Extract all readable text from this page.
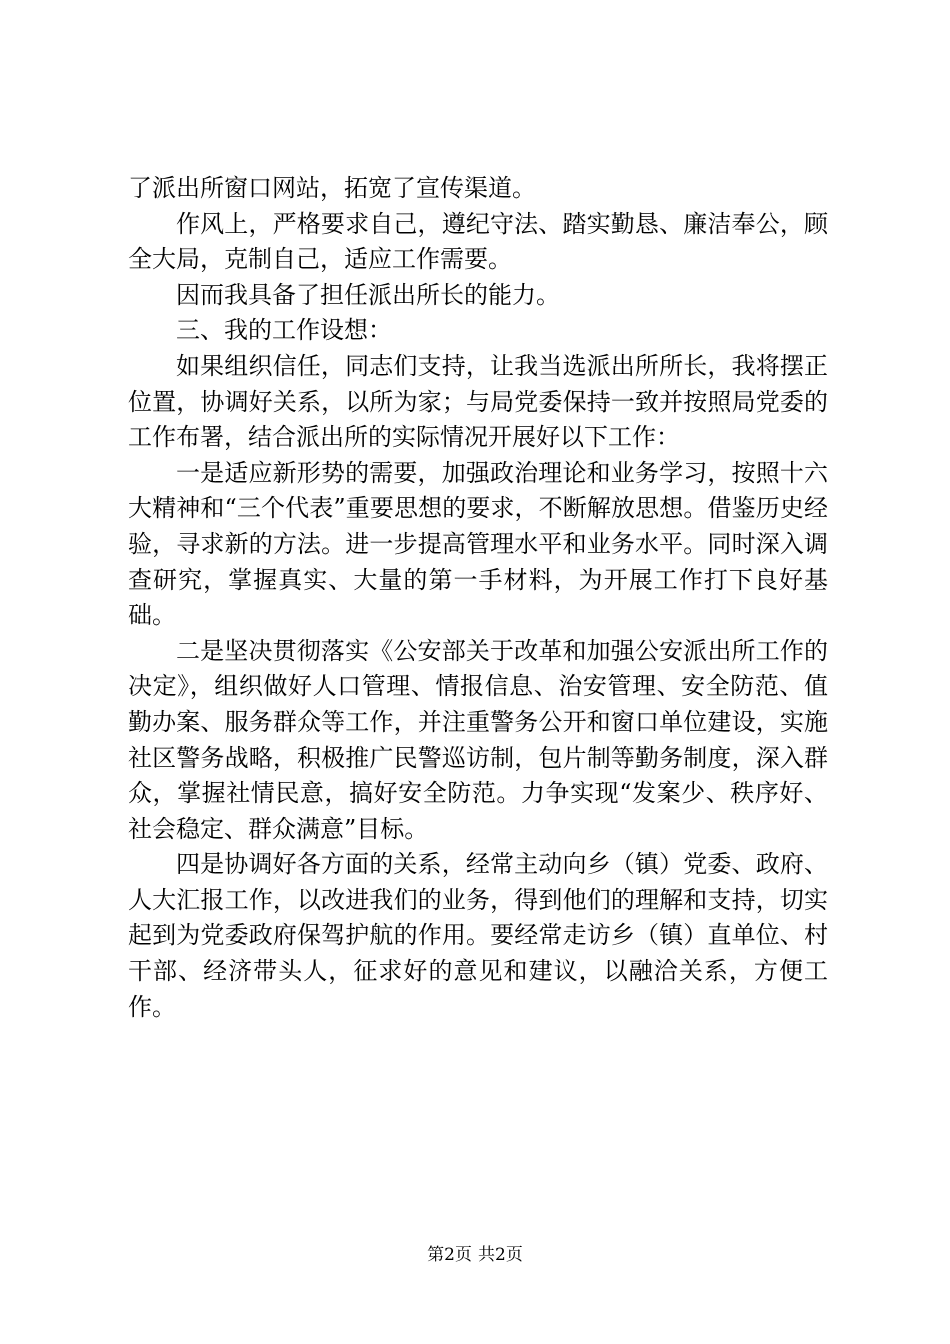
了派出所窗口网站，拓宽了宣传渠道。

作风上，严格要求自己，遵纪守法、踏实勤恳、廉洁奉公，顾全大局，克制自己，适应工作需要。

因而我具备了担任派出所长的能力。

三、我的工作设想：

如果组织信任，同志们支持，让我当选派出所所长，我将摆正位置，协调好关系，以所为家；与局党委保持一致并按照局党委的工作布署，结合派出所的实际情况开展好以下工作：

一是适应新形势的需要，加强政治理论和业务学习，按照十六大精神和“三个代表”重要思想的要求，不断解放思想。借鉴历史经验，寻求新的方法。进一步提高管理水平和业务水平。同时深入调查研究，掌握真实、大量的第一手材料，为开展工作打下良好基础。

二是坚决贯彻落实《公安部关于改革和加强公安派出所工作的决定》，组织做好人口管理、情报信息、治安管理、安全防范、值勤办案、服务群众等工作，并注重警务公开和窗口单位建设，实施社区警务战略，积极推广民警巡访制，包片制等勤务制度，深入群众，掌握社情民意，搞好安全防范。力争实现“发案少、秩序好、社会稳定、群众满意”目标。

四是协调好各方面的关系，经常主动向乡（镇）党委、政府、人大汇报工作，以改进我们的业务，得到他们的理解和支持，切实起到为党委政府保驾护航的作用。要经常走访乡（镇）直单位、村干部、经济带头人，征求好的意见和建议，以融洽关系，方便工作。

第2页 共2页
